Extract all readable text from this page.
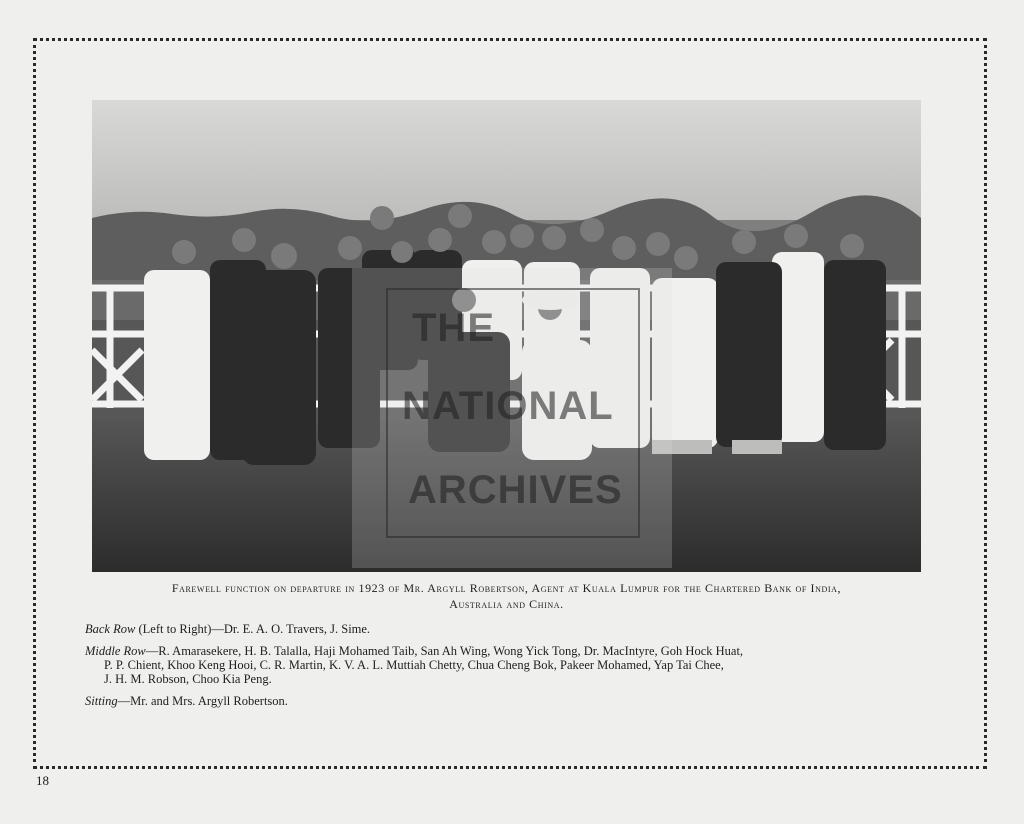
THE
NATIONAL
ARCHIVES
Farewell function on departure in 1923 of Mr. Argyll Robertson, Agent at Kuala Lumpur for the Chartered Bank of India,
Australia and China.
Back Row (Left to Right)—Dr. E. A. O. Travers, J. Sime.
Middle Row—R. Amarasekere, H. B. Talalla, Haji Mohamed Taib, San Ah Wing, Wong Yick Tong, Dr. MacIntyre, Goh Hock Huat,
P. P. Chient, Khoo Keng Hooi, C. R. Martin, K. V. A. L. Muttiah Chetty, Chua Cheng Bok, Pakeer Mohamed, Yap Tai Chee,
J. H. M. Robson, Choo Kia Peng.
Sitting—Mr. and Mrs. Argyll Robertson.
18
